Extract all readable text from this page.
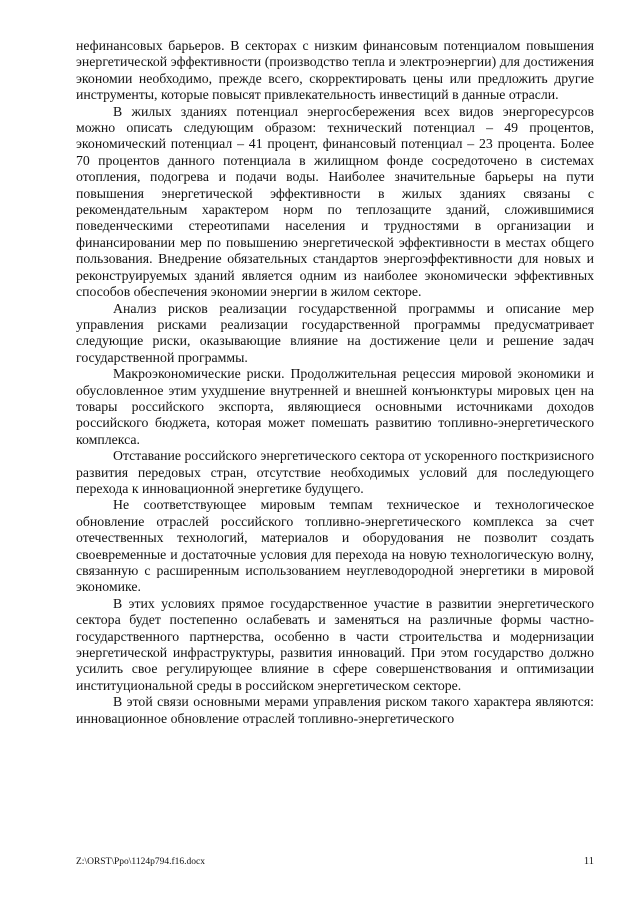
нефинансовых барьеров. В секторах с низким финансовым потенциалом повышения энергетической эффективности (производство тепла и электроэнергии) для достижения экономии необходимо, прежде всего, скорректировать цены или предложить другие инструменты, которые повысят привлекательность инвестиций в данные отрасли.

В жилых зданиях потенциал энергосбережения всех видов энергоресурсов можно описать следующим образом: технический потенциал – 49 процентов, экономический потенциал – 41 процент, финансовый потенциал – 23 процента. Более 70 процентов данного потенциала в жилищном фонде сосредоточено в системах отопления, подогрева и подачи воды. Наиболее значительные барьеры на пути повышения энергетической эффективности в жилых зданиях связаны с рекомендательным характером норм по теплозащите зданий, сложившимися поведенческими стереотипами населения и трудностями в организации и финансировании мер по повышению энергетической эффективности в местах общего пользования. Внедрение обязательных стандартов энергоэффективности для новых и реконструируемых зданий является одним из наиболее экономически эффективных способов обеспечения экономии энергии в жилом секторе.

Анализ рисков реализации государственной программы и описание мер управления рисками реализации государственной программы предусматривает следующие риски, оказывающие влияние на достижение цели и решение задач государственной программы.

Макроэкономические риски. Продолжительная рецессия мировой экономики и обусловленное этим ухудшение внутренней и внешней конъюнктуры мировых цен на товары российского экспорта, являющиеся основными источниками доходов российского бюджета, которая может помешать развитию топливно-энергетического комплекса.

Отставание российского энергетического сектора от ускоренного посткризисного развития передовых стран, отсутствие необходимых условий для последующего перехода к инновационной энергетике будущего.

Не соответствующее мировым темпам техническое и технологическое обновление отраслей российского топливно-энергетического комплекса за счет отечественных технологий, материалов и оборудования не позволит создать своевременные и достаточные условия для перехода на новую технологическую волну, связанную с расширенным использованием неуглеводородной энергетики в мировой экономике.

В этих условиях прямое государственное участие в развитии энергетического сектора будет постепенно ослабевать и заменяться на различные формы частно-государственного партнерства, особенно в части строительства и модернизации энергетической инфраструктуры, развития инноваций. При этом государство должно усилить свое регулирующее влияние в сфере совершенствования и оптимизации институциональной среды в российском энергетическом секторе.

В этой связи основными мерами управления риском такого характера являются: инновационное обновление отраслей топливно-энергетического

Z:\ORST\Ppo\1124p794.f16.docx	11
